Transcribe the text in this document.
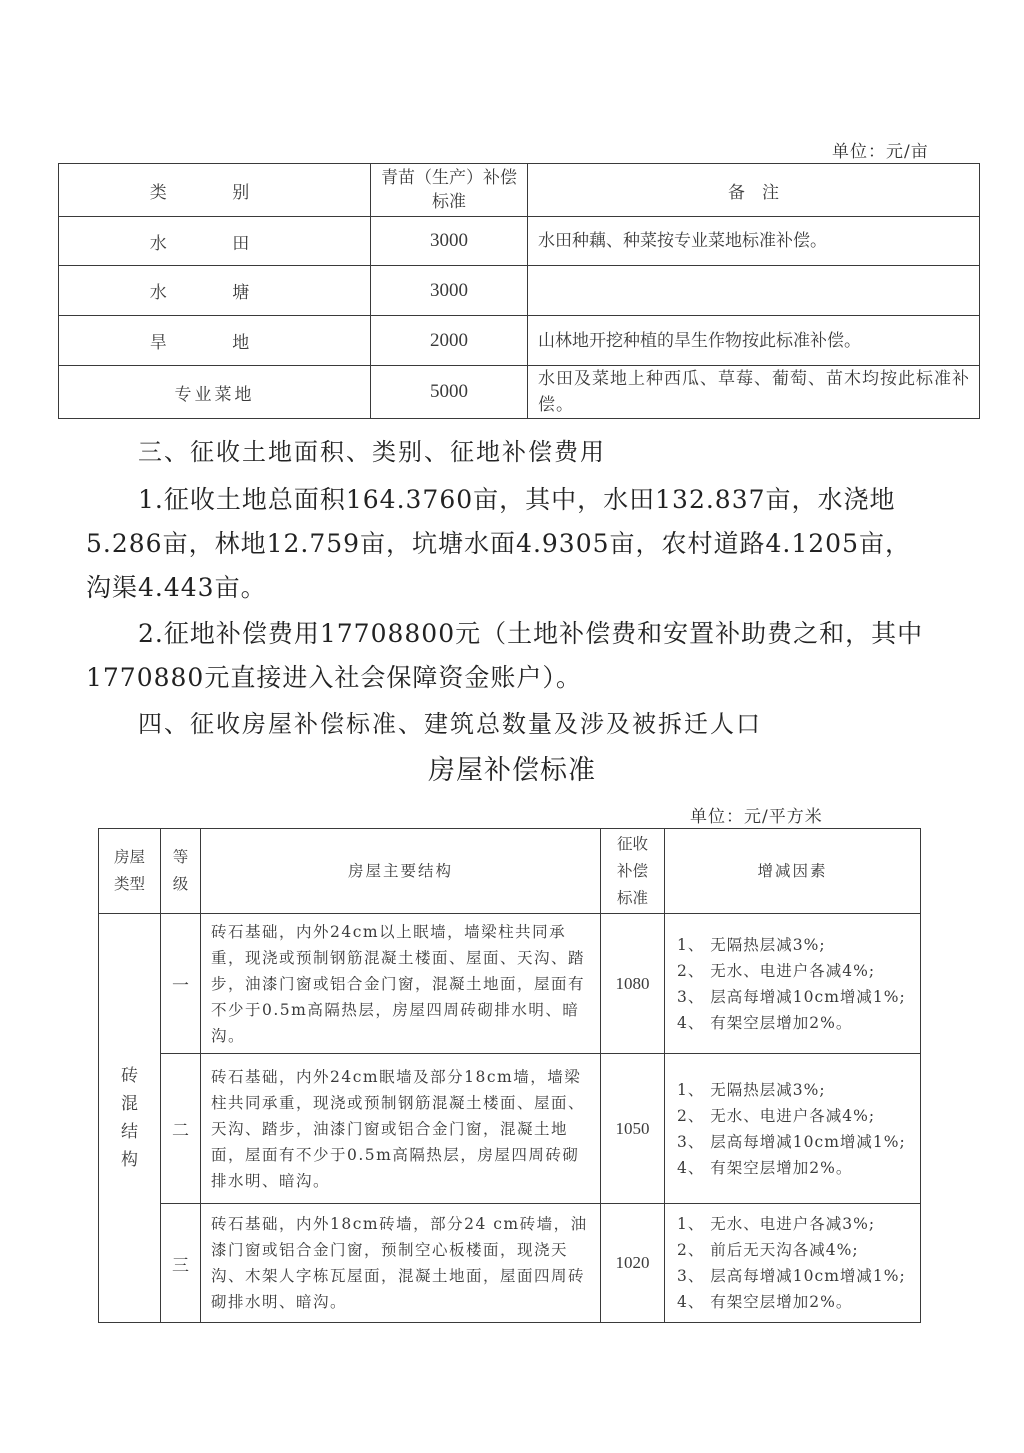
单位：元/亩
类 别	青苗（生产）补偿标准	备　注
水 田	3000	水田种藕、种菜按专业菜地标准补偿。
水 塘	3000	
旱 地	2000	山林地开挖种植的旱生作物按此标准补偿。
专业菜地	5000	水田及菜地上种西瓜、草莓、葡萄、苗木均按此标准补偿。
三、征收土地面积、类别、征地补偿费用
1.征收土地总面积164.3760亩，其中，水田132.837亩，水浇地5.286亩，林地12.759亩，坑塘水面4.9305亩，农村道路4.1205亩，沟渠4.443亩。
2.征地补偿费用17708800元（土地补偿费和安置补助费之和，其中1770880元直接进入社会保障资金账户）。
四、征收房屋补偿标准、建筑总数量及涉及被拆迁人口
房屋补偿标准
单位：元/平方米
房屋类型	等级	房屋主要结构	征收补偿标准	增减因素
砖混结构	一	砖石基础，内外24cm以上眠墙，墙梁柱共同承重，现浇或预制钢筋混凝土楼面、屋面、天沟、踏步，油漆门窗或铝合金门窗，混凝土地面，屋面有不少于0.5m高隔热层，房屋四周砖砌排水明、暗沟。	1080	1、 无隔热层减3%;
2、 无水、电进户各减4%;
3、 层高每增减10cm增减1%;
4、 有架空层增加2%。

	二	砖石基础，内外24cm眠墙及部分18cm墙，墙梁柱共同承重，现浇或预制钢筋混凝土楼面、屋面、天沟、踏步，油漆门窗或铝合金门窗，混凝土地面，屋面有不少于0.5m高隔热层，房屋四周砖砌排水明、暗沟。	1050	1、 无隔热层减3%;
2、 无水、电进户各减4%;
3、 层高每增减10cm增减1%;
4、 有架空层增加2%。

	三	砖石基础，内外18cm砖墙，部分24 cm砖墙，油漆门窗或铝合金门窗，预制空心板楼面，现浇天沟、木架人字栋瓦屋面，混凝土地面，屋面四周砖砌排水明、暗沟。	1020	1、 无水、电进户各减3%;
2、 前后无天沟各减4%;
3、 层高每增减10cm增减1%;
4、 有架空层增加2%。
